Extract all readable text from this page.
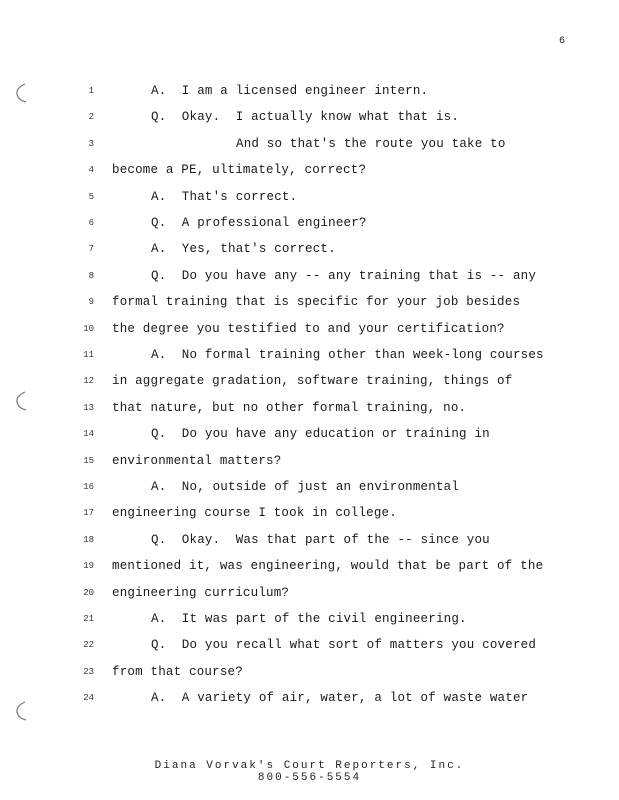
6
1	A.  I am a licensed engineer intern.
2	Q.  Okay.  I actually know what that is.
3	And so that's the route you take to
4 become a PE, ultimately, correct?
5	A.  That's correct.
6	Q.  A professional engineer?
7	A.  Yes, that's correct.
8	Q.  Do you have any -- any training that is -- any
9 formal training that is specific for your job besides
10 the degree you testified to and your certification?
11	A.  No formal training other than week-long courses
12 in aggregate gradation, software training, things of
13 that nature, but no other formal training, no.
14	Q.  Do you have any education or training in
15 environmental matters?
16	A.  No, outside of just an environmental
17 engineering course I took in college.
18	Q.  Okay.  Was that part of the -- since you
19 mentioned it, was engineering, would that be part of the
20 engineering curriculum?
21	A.  It was part of the civil engineering.
22	Q.  Do you recall what sort of matters you covered
23 from that course?
24	A.  A variety of air, water, a lot of waste water
Diana Vorvak's Court Reporters, Inc.
800-556-5554
